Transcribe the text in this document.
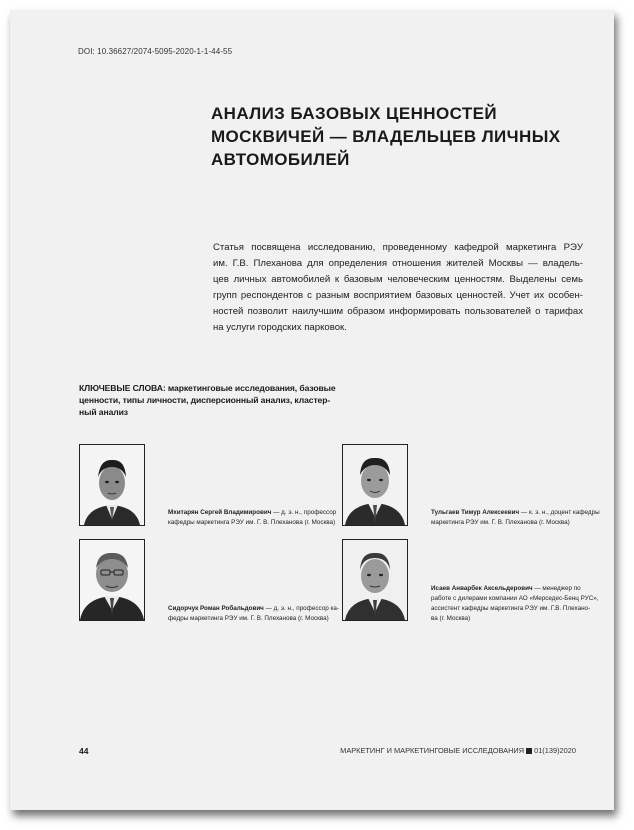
DOI: 10.36627/2074-5095-2020-1-1-44-55
АНАЛИЗ БАЗОВЫХ ЦЕННОСТЕЙ
МОСКВИЧЕЙ — ВЛАДЕЛЬЦЕВ ЛИЧНЫХ
АВТОМОБИЛЕЙ
Статья посвящена исследованию, проведенному кафедрой маркетинга РЭУ
им. Г.В. Плеханова для определения отношения жителей Москвы — владель-
цев личных автомобилей к базовым человеческим ценностям. Выделены семь
групп респондентов с разным восприятием базовых ценностей. Учет их особен-
ностей позволит наилучшим образом информировать пользователей о тарифах
на услуги городских парковок.
КЛЮЧЕВЫЕ СЛОВА: маркетинговые исследования, базовые
ценности, типы личности, дисперсионный анализ, кластер-
ный анализ
Мхитарян Сергей Владимирович — д. э. н., профессор
кафедры маркетинга РЭУ им. Г. В. Плеханова (г. Москва)
Тульгаев Тимур Алексеевич — к. э. н., доцент кафедры
маркетинга РЭУ им. Г. В. Плеханова (г. Москва)
Сидорчук Роман Робальдович — д. э. н., профессор ка-
федры маркетинга РЭУ им. Г. В. Плеханова (г. Москва)
Исаев Анварбек Аксельдерович — менеджер по
работе с дилерами компании АО «Мерседес-Бенц РУС»,
ассистент кафедры маркетинга РЭУ им. Г.В. Плехано-
ва (г. Москва)
44	МАРКЕТИНГ И МАРКЕТИНГОВЫЕ ИССЛЕДОВАНИЯ 01(139)2020
